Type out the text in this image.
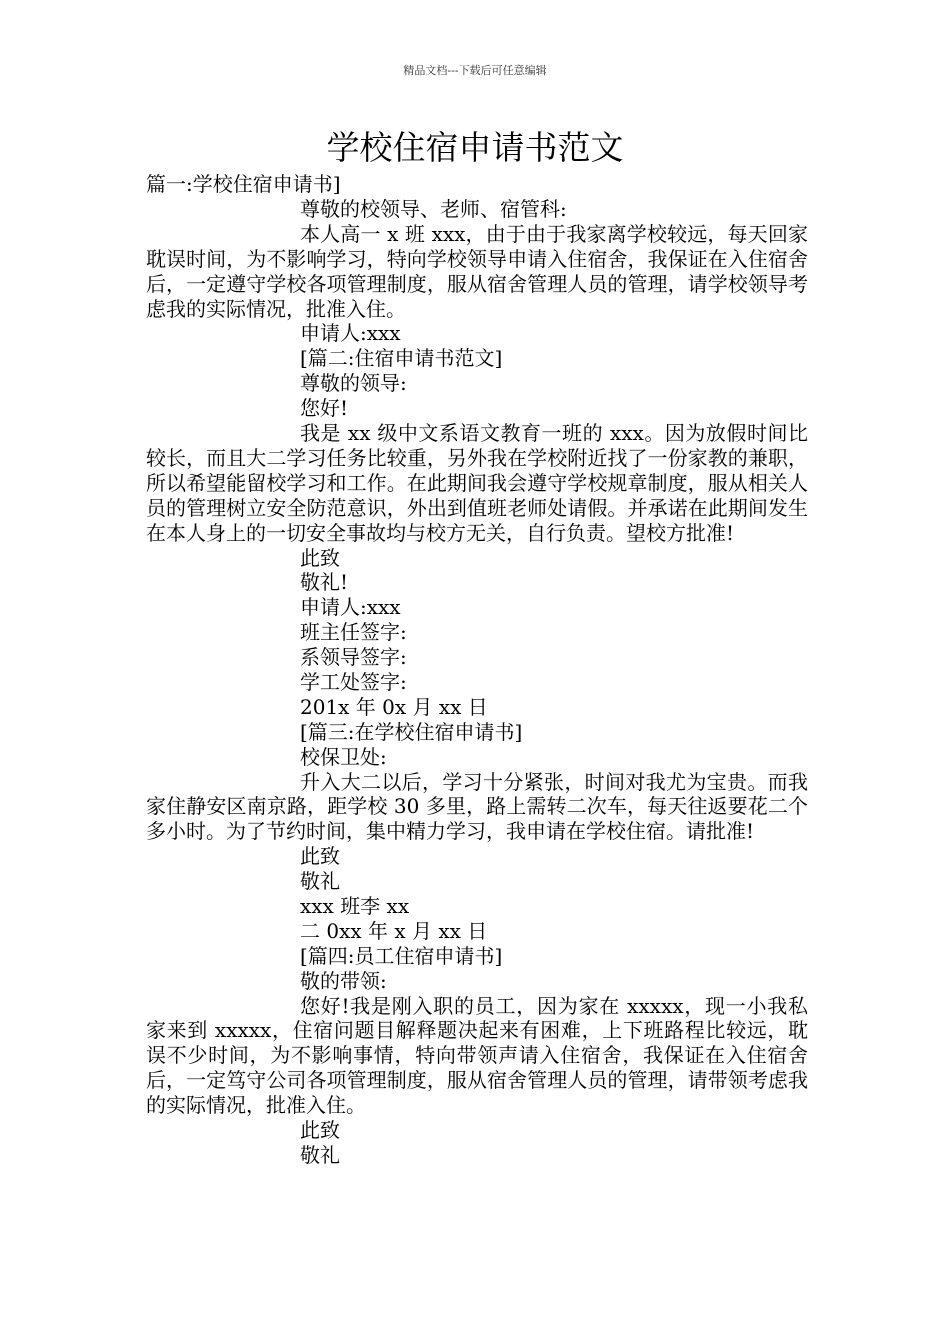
精品文档---下载后可任意编辑
学校住宿申请书范文
篇一:学校住宿申请书]
尊敬的校领导、老师、宿管科:
本人高一 x 班 xxx，由于由于我家离学校较远，每天回家耽误时间，为不影响学习，特向学校领导申请入住宿舍，我保证在入住宿舍后，一定遵守学校各项管理制度，服从宿舍管理人员的管理，请学校领导考虑我的实际情况，批准入住。
申请人:xxx
[篇二:住宿申请书范文]
尊敬的领导:
您好!
我是 xx 级中文系语文教育一班的 xxx。因为放假时间比较长，而且大二学习任务比较重，另外我在学校附近找了一份家教的兼职，所以希望能留校学习和工作。在此期间我会遵守学校规章制度，服从相关人员的管理树立安全防范意识，外出到值班老师处请假。并承诺在此期间发生在本人身上的一切安全事故均与校方无关，自行负责。望校方批准!
此致
敬礼!
申请人:xxx
班主任签字:
系领导签字:
学工处签字:
201x 年 0x 月 xx 日
[篇三:在学校住宿申请书]
校保卫处:
升入大二以后，学习十分紧张，时间对我尤为宝贵。而我家住静安区南京路，距学校 30 多里，路上需转二次车，每天往返要花二个多小时。为了节约时间，集中精力学习，我申请在学校住宿。请批准!
此致
敬礼
xxx 班李 xx
二 0xx 年 x 月 xx 日
[篇四:员工住宿申请书]
敬的带领:
您好!我是刚入职的员工，因为家在 xxxxx，现一小我私家来到 xxxxx，住宿问题目解释题决起来有困难，上下班路程比较远，耽误不少时间，为不影响事情，特向带领声请入住宿舍，我保证在入住宿舍后，一定笃守公司各项管理制度，服从宿舍管理人员的管理，请带领考虑我的实际情况，批准入住。
此致
敬礼
